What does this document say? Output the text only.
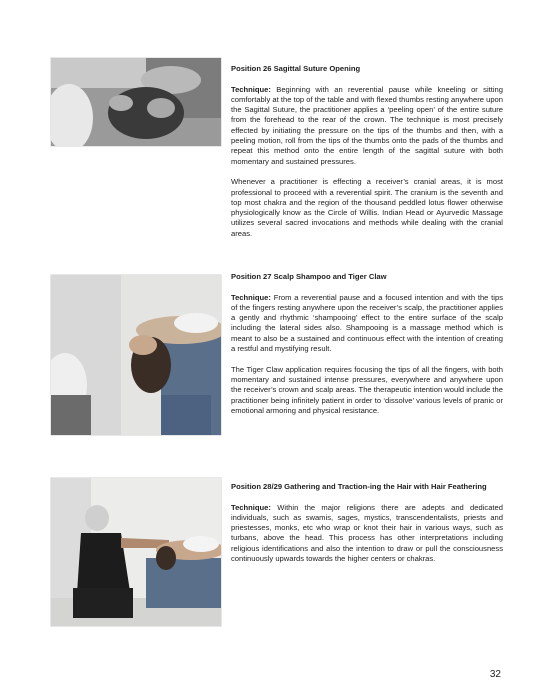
Position 26 Sagittal Suture Opening

Technique: Beginning with an reverential pause while kneeling or sitting comfortably at the top of the table and with flexed thumbs resting anywhere upon the Sagittal Suture, the practitioner applies a ‘peeling open’ of the entire suture from the forehead to the rear of the crown. The technique is most precisely effected by initiating the pressure on the tips of the thumbs and then, with a peeling motion, roll from the tips of the thumbs onto the pads of the thumbs and repeat this method onto the entire length of the sagittal suture with both momentary and sustained pressures.

Whenever a practitioner is effecting a receiver’s cranial areas, it is most professional to proceed with a reverential spirit. The cranium is the seventh and top most chakra and the region of the thousand peddled lotus flower otherwise physiologically know as the Circle of Willis. Indian Head or Ayurvedic Massage utilizes several sacred invocations and methods while dealing with the cranial areas.

Position 27 Scalp Shampoo and Tiger Claw

Technique: From a reverential pause and a focused intention and with the tips of the fingers resting anywhere upon the receiver’s scalp, the practitioner applies a gently and rhythmic ‘shampooing’ effect to the entire surface of the scalp including the lateral sides also. Shampooing is a massage method which is meant to also be a sustained and continuous effect with the intention of creating a restful and mystifying result.

The Tiger Claw application requires focusing the tips of all the fingers, with both momentary and sustained intense pressures, everywhere and anywhere upon the receiver’s crown and scalp areas. The therapeutic intention would include the practitioner being infinitely patient in order to ‘dissolve’ various levels of pranic or emotional armoring and physical resistance.

Position 28/29 Gathering and Traction-ing the Hair with Hair Feathering

Technique: Within the major religions there are adepts and dedicated individuals, such as swamis, sages, mystics, transcendentalists, priests and priestesses, monks, etc who wrap or knot their hair in various ways, such as turbans, above the head. This process has other interpretations including religious identifications and also the intention to draw or pull the consciousness continuously upwards towards the higher centers or chakras.

32
